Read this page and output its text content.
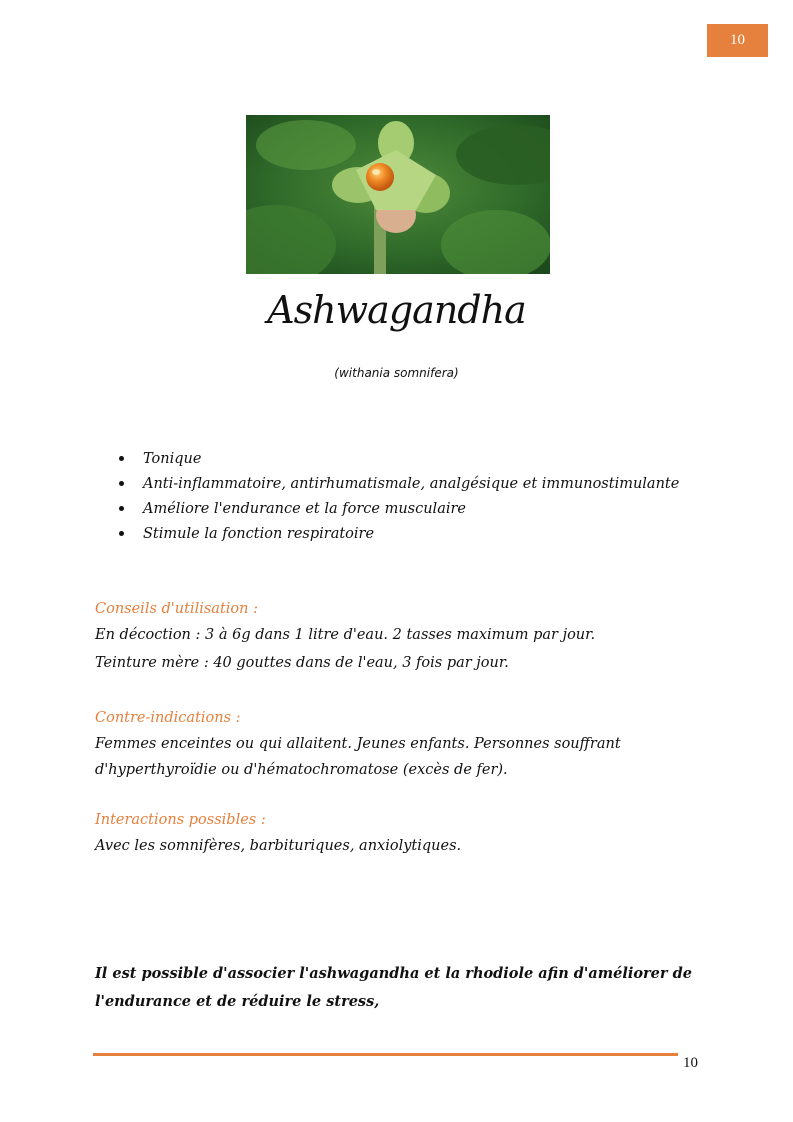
10
Ashwagandha
(withania somnifera)
Tonique
Anti-inflammatoire, antirhumatismale, analgésique et immunostimulante
Améliore l'endurance et la force musculaire
Stimule la fonction respiratoire
Conseils d'utilisation :
En décoction : 3 à 6g dans 1 litre d'eau. 2 tasses maximum par jour.
Teinture mère : 40 gouttes dans de l'eau, 3 fois par jour.
Contre-indications :
Femmes enceintes ou qui allaitent. Jeunes enfants. Personnes souffrant d'hyperthyroïdie ou d'hématochromatose (excès de fer).
Interactions possibles :
Avec les somnifères, barbituriques, anxiolytiques.
Il est possible d'associer l'ashwagandha et la rhodiole afin d'améliorer de l'endurance et de réduire le stress,
10
